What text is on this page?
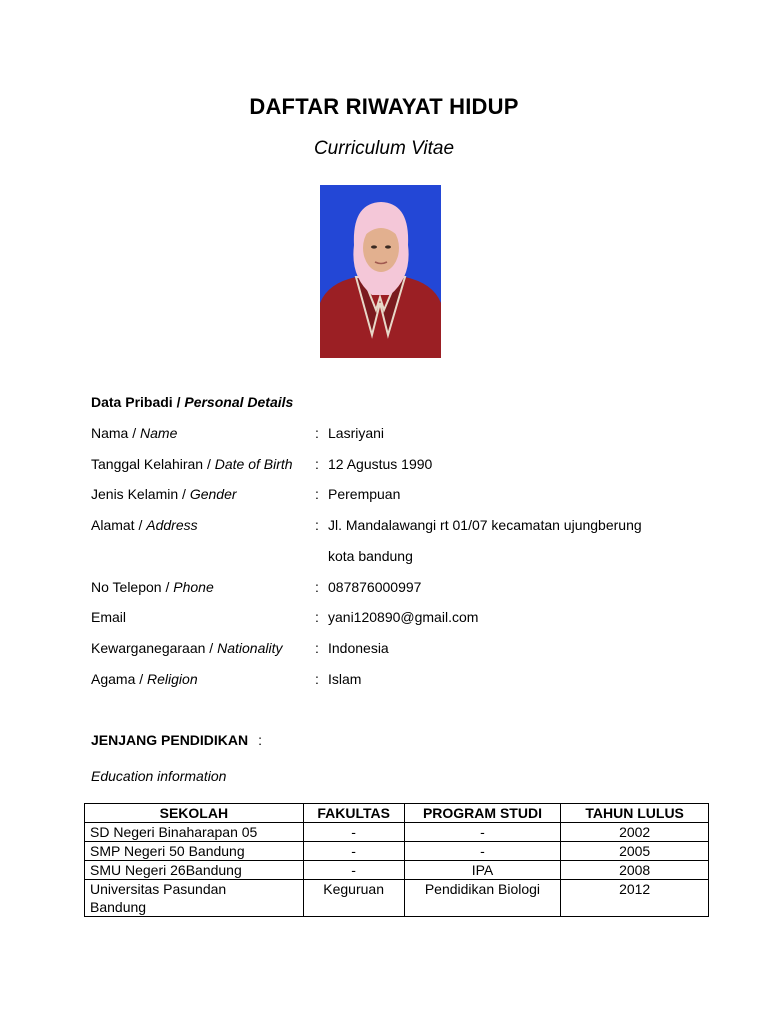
DAFTAR RIWAYAT HIDUP
Curriculum Vitae
Data Pribadi / Personal Details
Nama / Name	: Lasriyani
Tanggal Kelahiran / Date of Birth : 12 Agustus 1990
Jenis Kelamin / Gender	: Perempuan
Alamat / Address	: Jl. Mandalawangi rt 01/07 kecamatan ujungberung
kota bandung
No Telepon / Phone	: 087876000997
Email	: yani120890@gmail.com
Kewarganegaraan / Nationality : Indonesia
Agama / Religion	: Islam
JENJANG PENDIDIKAN :
Education information
SEKOLAH	FAKULTAS	PROGRAM STUDI	TAHUN LULUS
SD Negeri Binaharapan 05	-	-	2002
SMP Negeri 50 Bandung	-	-	2005
SMU Negeri 26Bandung	-	IPA	2008
Universitas Pasundan Bandung	Keguruan	Pendidikan Biologi	2012
